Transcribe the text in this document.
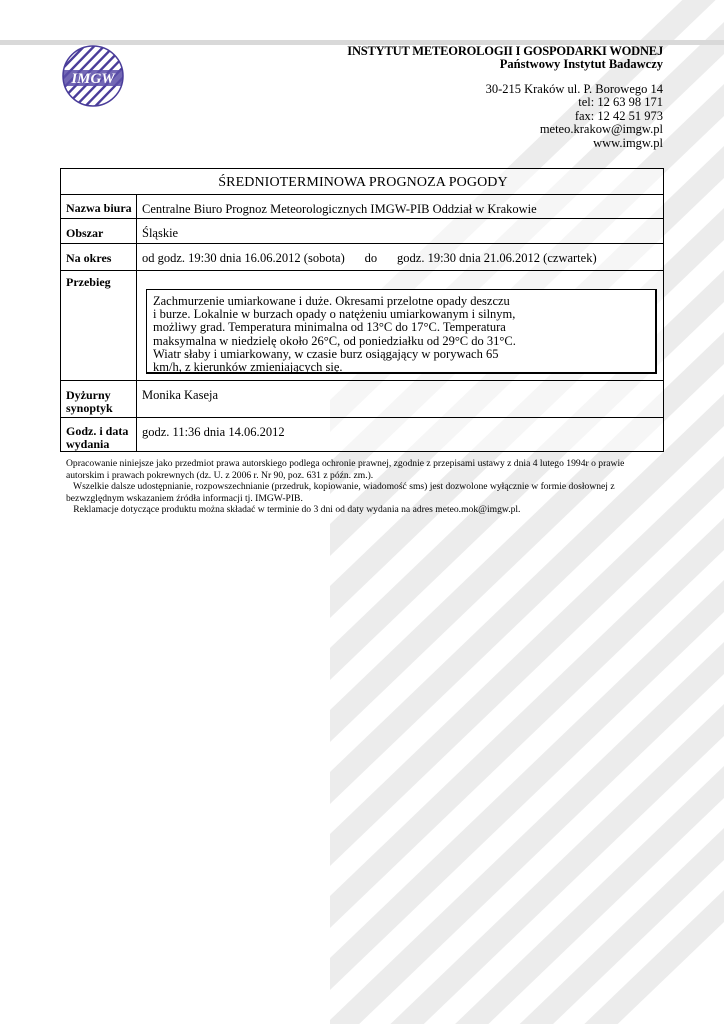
IMGW
INSTYTUT METEOROLOGII I GOSPODARKI WODNEJ
Państwowy Instytut Badawczy
30-215 Kraków ul. P. Borowego 14
tel: 12 63 98 171
fax: 12 42 51 973
meteo.krakow@imgw.pl
www.imgw.pl
ŚREDNIOTERMINOWA PROGNOZA POGODY
Nazwa biura Centralne Biuro Prognoz Meteorologicznych IMGW-PIB Oddział w Krakowie
Obszar	Śląskie
Na okres od godz. 19:30 dnia 16.06.2012 (sobota) do godz. 19:30 dnia 21.06.2012 (czwartek)
Przebieg
Zachmurzenie umiarkowane i duże. Okresami przelotne opady deszczu
i burze. Lokalnie w burzach opady o natężeniu umiarkowanym i silnym,
możliwy grad. Temperatura minimalna od 13°C do 17°C. Temperatura
maksymalna w niedzielę około 26°C, od poniedziałku od 29°C do 31°C.
Wiatr słaby i umiarkowany, w czasie burz osiągający w porywach 65
km/h, z kierunków zmieniających się.
Dyżurny
synoptyk
Monika Kaseja
Godz. i data
wydania
godz. 11:36 dnia 14.06.2012

Opracowanie niniejsze jako przedmiot prawa autorskiego podlega ochronie prawnej, zgodnie z przepisami ustawy z dnia 4 lutego 1994r o prawie

autorskim i prawach pokrewnych (dz. U. z 2006 r. Nr 90, poz. 631 z późn. zm.).

Wszelkie dalsze udostępnianie, rozpowszechnianie (przedruk, kopiowanie, wiadomość sms) jest dozwolone wyłącznie w formie dosłownej z

bezwzględnym wskazaniem źródła informacji tj. IMGW-PIB.

Reklamacje dotyczące produktu można składać w terminie do 3 dni od daty wydania na adres meteo.mok@imgw.pl.
